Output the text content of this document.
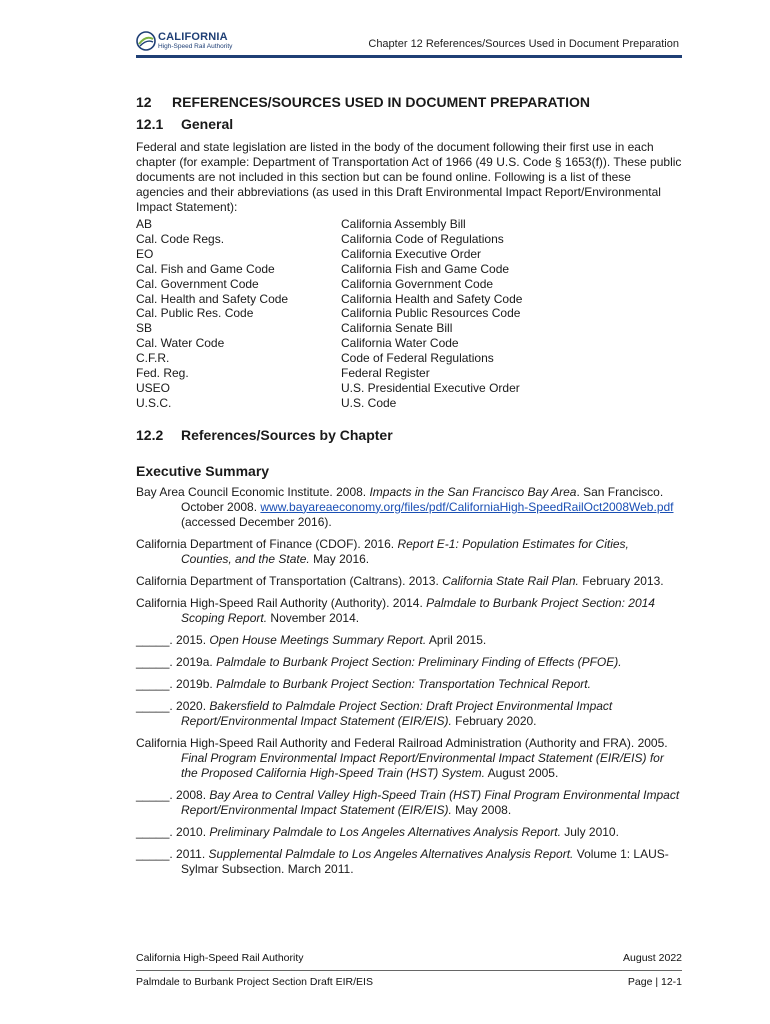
CALIFORNIA
High-Speed Rail Authority	Chapter 12 References/Sources Used in Document Preparation
12 REFERENCES/SOURCES USED IN DOCUMENT PREPARATION
12.1 General

Federal and state legislation are listed in the body of the document following their first use in each chapter (for example: Department of Transportation Act of 1966 (49 U.S. Code § 1653(f)). These public documents are not included in this section but can be found online. Following is a list of these agencies and their abbreviations (as used in this Draft Environmental Impact Report/Environmental Impact Statement):

AB	California Assembly Bill
Cal. Code Regs.	California Code of Regulations
EO	California Executive Order
Cal. Fish and Game Code	California Fish and Game Code
Cal. Government Code	California Government Code
Cal. Health and Safety Code	California Health and Safety Code
Cal. Public Res. Code	California Public Resources Code
SB	California Senate Bill
Cal. Water Code	California Water Code
C.F.R.	Code of Federal Regulations
Fed. Reg.	Federal Register
USEO	U.S. Presidential Executive Order
U.S.C.	U.S. Code
12.2 References/Sources by Chapter
Executive Summary

Bay Area Council Economic Institute. 2008. Impacts in the San Francisco Bay Area. San Francisco. October 2008. www.bayareaeconomy.org/files/pdf/CaliforniaHigh-SpeedRailOct2008Web.pdf (accessed December 2016).

California Department of Finance (CDOF). 2016. Report E-1: Population Estimates for Cities, Counties, and the State. May 2016.

California Department of Transportation (Caltrans). 2013. California State Rail Plan. February 2013.

California High-Speed Rail Authority (Authority). 2014. Palmdale to Burbank Project Section: 2014 Scoping Report. November 2014.

_____. 2015. Open House Meetings Summary Report. April 2015.

_____. 2019a. Palmdale to Burbank Project Section: Preliminary Finding of Effects (PFOE).

_____. 2019b. Palmdale to Burbank Project Section: Transportation Technical Report.

_____. 2020. Bakersfield to Palmdale Project Section: Draft Project Environmental Impact Report/Environmental Impact Statement (EIR/EIS). February 2020.

California High-Speed Rail Authority and Federal Railroad Administration (Authority and FRA). 2005. Final Program Environmental Impact Report/Environmental Impact Statement (EIR/EIS) for the Proposed California High-Speed Train (HST) System. August 2005.

_____. 2008. Bay Area to Central Valley High-Speed Train (HST) Final Program Environmental Impact Report/Environmental Impact Statement (EIR/EIS). May 2008.

_____. 2010. Preliminary Palmdale to Los Angeles Alternatives Analysis Report. July 2010.

_____. 2011. Supplemental Palmdale to Los Angeles Alternatives Analysis Report. Volume 1: LAUS-Sylmar Subsection. March 2011.

California High-Speed Rail Authority	August 2022
Palmdale to Burbank Project Section Draft EIR/EIS	Page | 12-1
